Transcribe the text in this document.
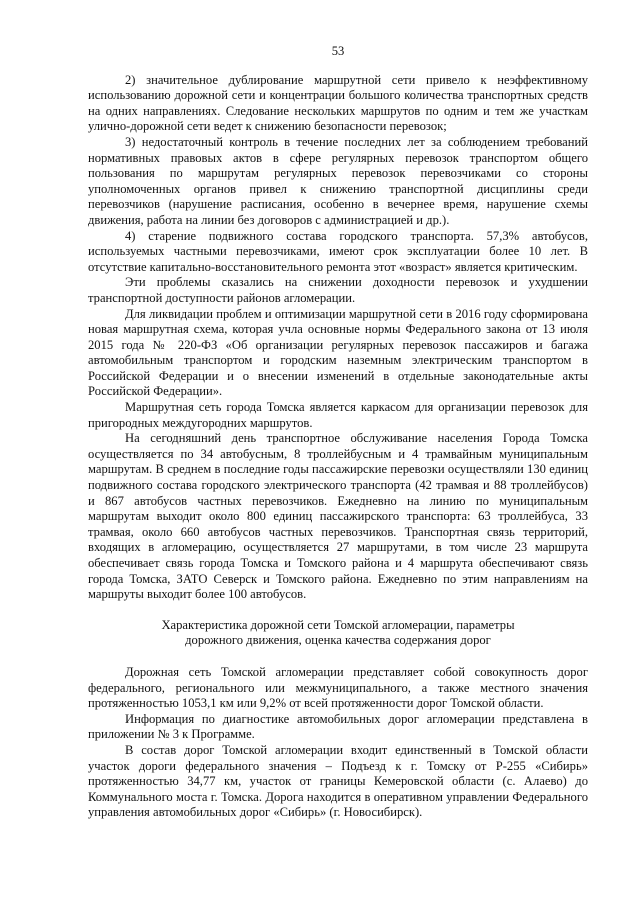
53

2) значительное дублирование маршрутной сети привело к неэффективному использованию дорожной сети и концентрации большого количества транспортных средств на одних направлениях. Следование нескольких маршрутов по одним и тем же участкам улично-дорожной сети ведет к снижению безопасности перевозок;

3) недостаточный контроль в течение последних лет за соблюдением требований нормативных правовых актов в сфере регулярных перевозок транспортом общего пользования по маршрутам регулярных перевозок перевозчиками со стороны уполномоченных органов привел к снижению транспортной дисциплины среди перевозчиков (нарушение расписания, особенно в вечернее время, нарушение схемы движения, работа на линии без договоров с администрацией и др.).

4) старение подвижного состава городского транспорта. 57,3% автобусов, используемых частными перевозчиками, имеют срок эксплуатации более 10 лет. В отсутствие капитально-восстановительного ремонта этот «возраст» является критическим.

Эти проблемы сказались на снижении доходности перевозок и ухудшении транспортной доступности районов агломерации.

Для ликвидации проблем и оптимизации маршрутной сети в 2016 году сформирована новая маршрутная схема, которая учла основные нормы Федерального закона от 13 июля 2015 года № 220-ФЗ «Об организации регулярных перевозок пассажиров и багажа автомобильным транспортом и городским наземным электрическим транспортом в Российской Федерации и о внесении изменений в отдельные законодательные акты Российской Федерации».

Маршрутная сеть города Томска является каркасом для организации перевозок для пригородных междугородних маршрутов.

На сегодняшний день транспортное обслуживание населения Города Томска осуществляется по 34 автобусным, 8 троллейбусным и 4 трамвайным муниципальным маршрутам. В среднем в последние годы пассажирские перевозки осуществляли 130 единиц подвижного состава городского электрического транспорта (42 трамвая и 88 троллейбусов) и 867 автобусов частных перевозчиков. Ежедневно на линию по муниципальным маршрутам выходит около 800 единиц пассажирского транспорта: 63 троллейбуса, 33 трамвая, около 660 автобусов частных перевозчиков. Транспортная связь территорий, входящих в агломерацию, осуществляется 27 маршрутами, в том числе 23 маршрута обеспечивает связь города Томска и Томского района и 4 маршрута обеспечивают связь города Томска, ЗАТО Северск и Томского района. Ежедневно по этим направлениям на маршруты выходит более 100 автобусов.

Характеристика дорожной сети Томской агломерации, параметры
дорожного движения, оценка качества содержания дорог

Дорожная сеть Томской агломерации представляет собой совокупность дорог федерального, регионального или межмуниципального, а также местного значения протяженностью 1053,1 км или 9,2% от всей протяженности дорог Томской области.

Информация по диагностике автомобильных дорог агломерации представлена в приложении № 3 к Программе.

В состав дорог Томской агломерации входит единственный в Томской области участок дороги федерального значения – Подъезд к г. Томску от Р-255 «Сибирь» протяженностью 34,77 км, участок от границы Кемеровской области (с. Алаево) до Коммунального моста г. Томска. Дорога находится в оперативном управлении Федерального управления автомобильных дорог «Сибирь» (г. Новосибирск).
